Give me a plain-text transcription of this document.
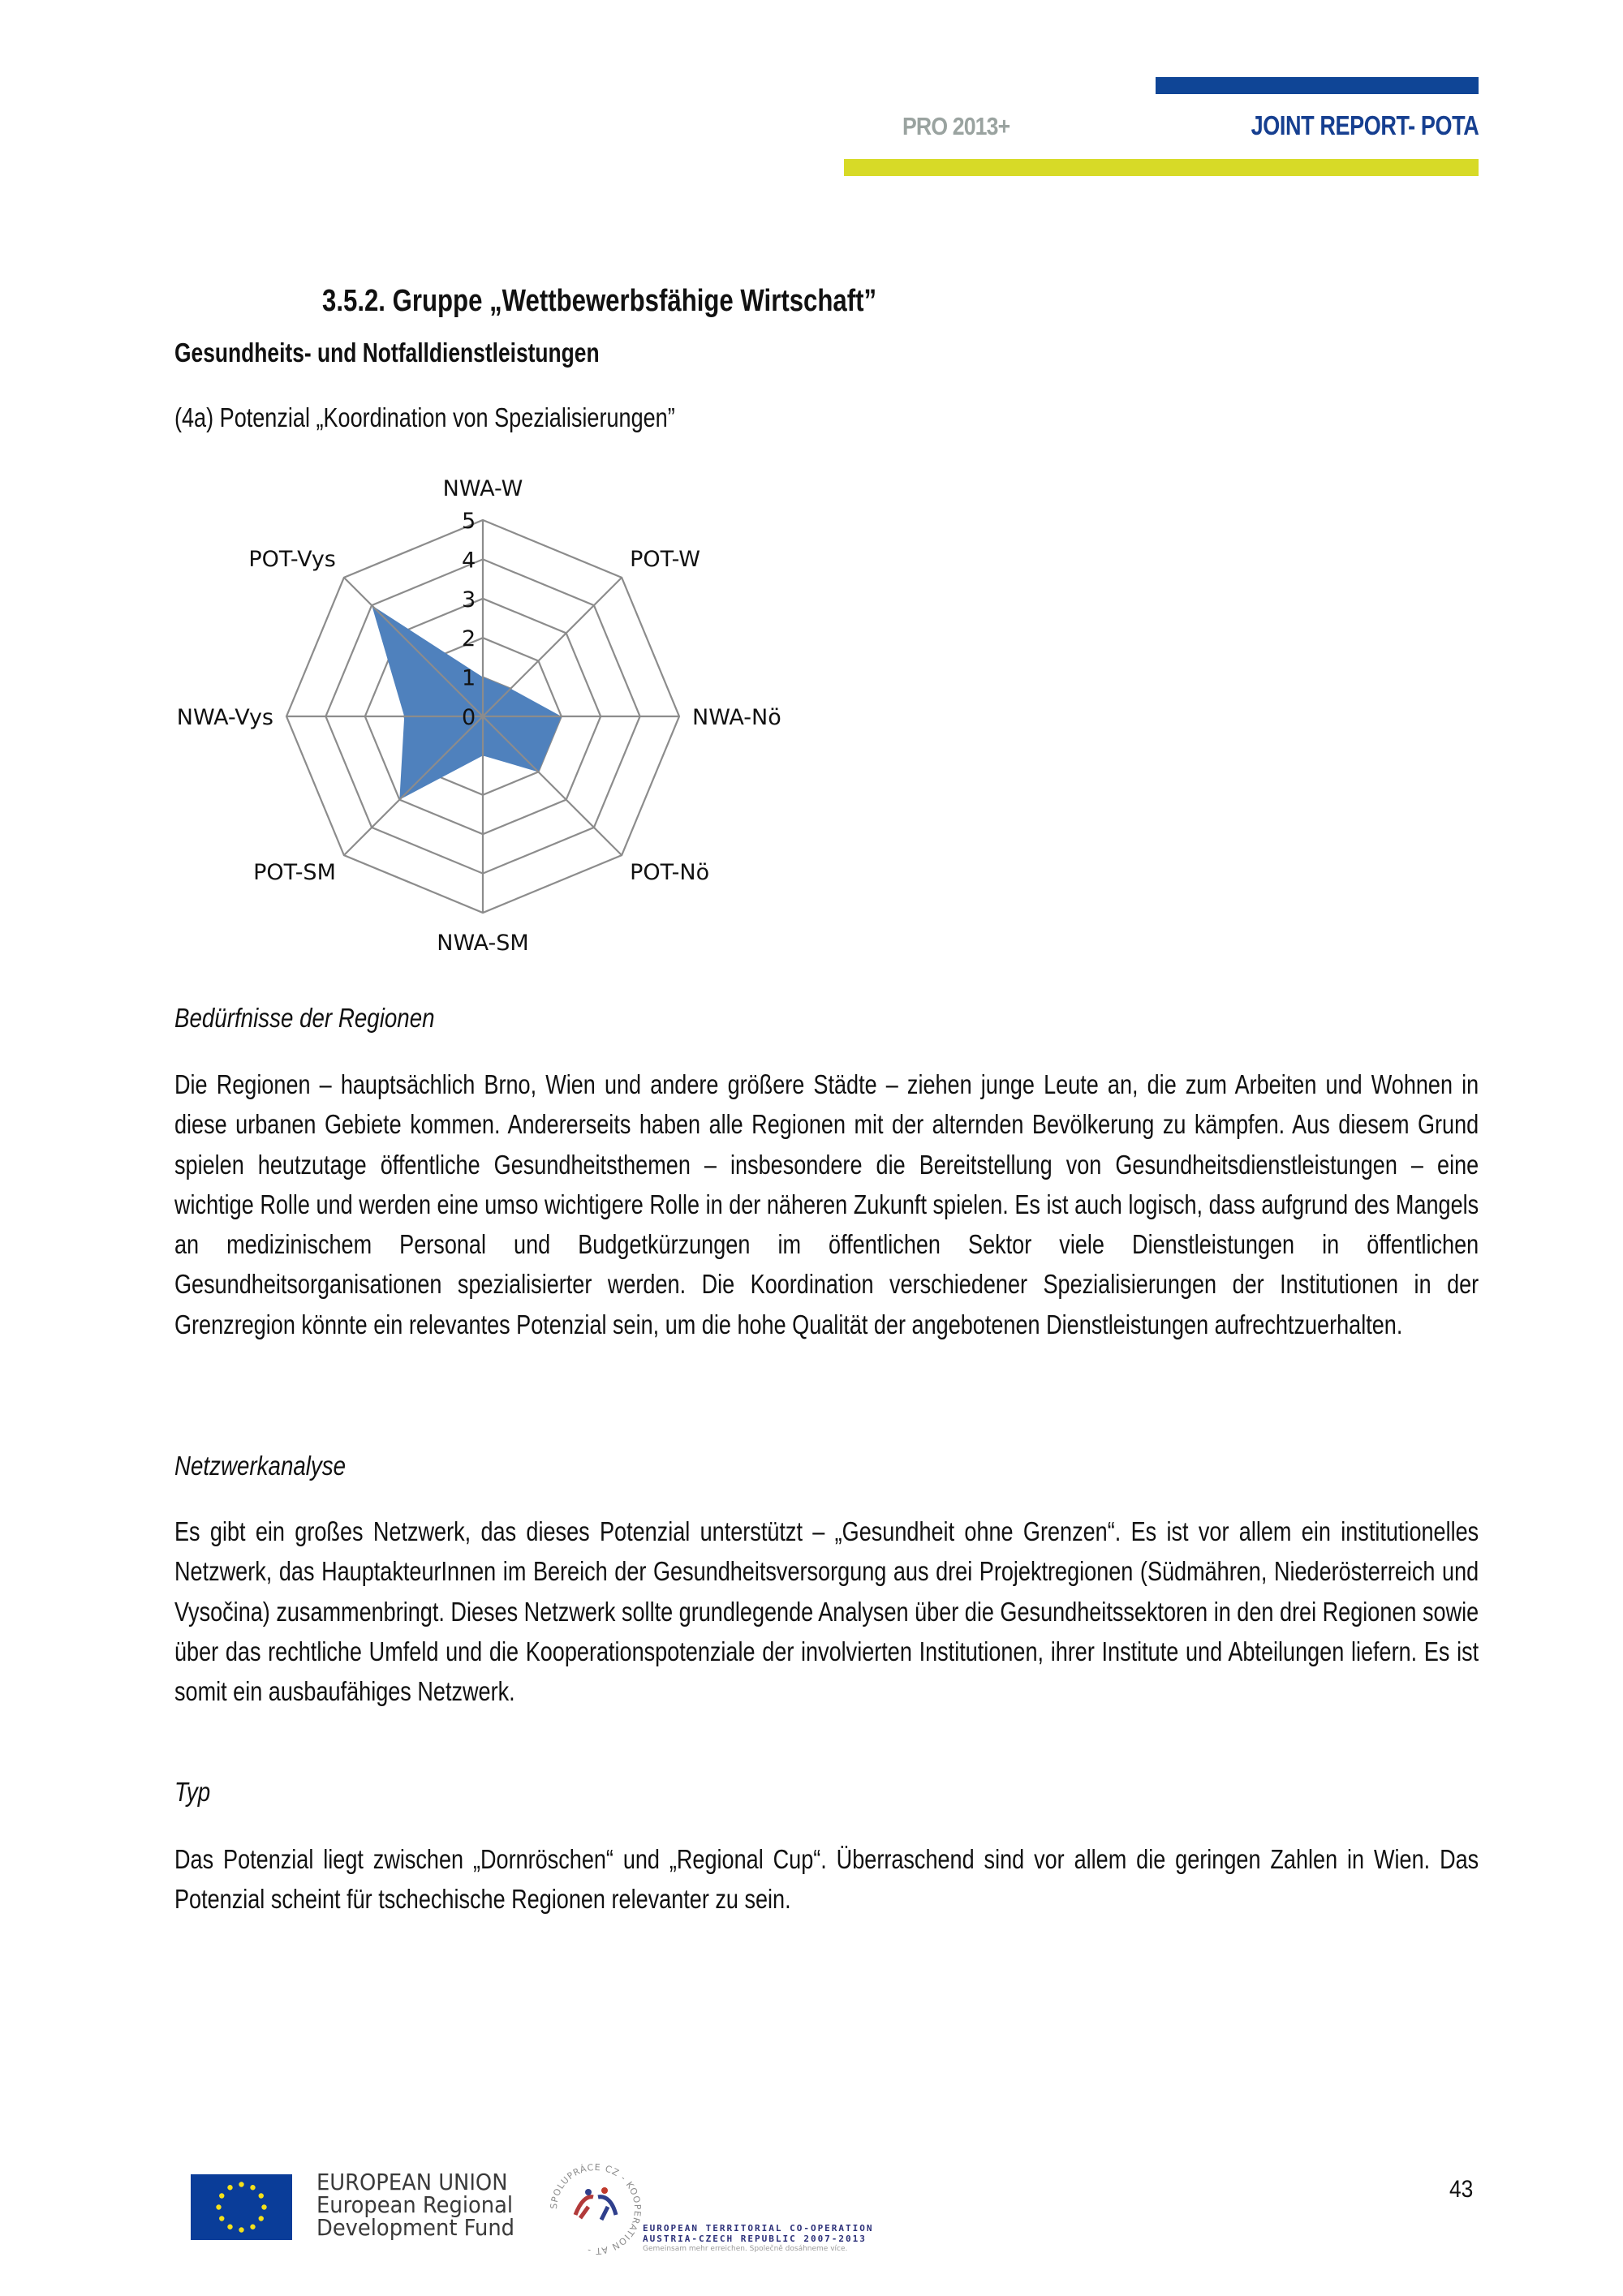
PRO 2013+	JOINT REPORT- POTA
3.5.2. Gruppe „Wettbewerbsfähige Wirtschaft”
Gesundheits- und Notfalldienstleistungen
(4a) Potenzial „Koordination von Spezialisierungen”
0
1
2
3
4
5
NWA-W
POT-W
NWA-Nö
POT-Nö
NWA-SM
POT-SM
NWA-Vys
POT-Vys
Bedürfnisse der Regionen
Die Regionen – hauptsächlich Brno, Wien und andere größere Städte – ziehen junge Leute an, die zum Arbeiten und Wohnen in diese urbanen Gebiete kommen. Andererseits haben alle Regionen mit der alternden Bevölkerung zu kämpfen. Aus diesem Grund spielen heutzutage öffentliche Gesundheitsthemen – insbesondere die Bereitstellung von Gesundheitsdienstleistungen – eine wichtige Rolle und werden eine umso wichtigere Rolle in der näheren Zukunft spielen. Es ist auch logisch, dass aufgrund des Mangels an medizinischem Personal und Budgetkürzungen im öffentlichen Sektor viele Dienstleistungen in öffentlichen Gesundheitsorganisationen spezialisierter werden. Die Koordination verschiedener Spezialisierungen der Institutionen in der Grenzregion könnte ein relevantes Potenzial sein, um die hohe Qualität der angebotenen Dienstleistungen aufrechtzuerhalten.
Netzwerkanalyse
Es gibt ein großes Netzwerk, das dieses Potenzial unterstützt – „Gesundheit ohne Grenzen“. Es ist vor allem ein institutionelles Netzwerk, das HauptakteurInnen im Bereich der Gesundheitsversorgung aus drei Projektregionen (Südmähren, Niederösterreich und Vysočina) zusammenbringt. Dieses Netzwerk sollte grundlegende Analysen über die Gesundheitssektoren in den drei Regionen sowie über das rechtliche Umfeld und die Kooperationspotenziale der involvierten Institutionen, ihrer Institute und Abteilungen liefern. Es ist somit ein ausbaufähiges Netzwerk.
Typ
Das Potenzial liegt zwischen „Dornröschen“ und „Regional Cup“. Überraschend sind vor allem die geringen Zahlen in Wien. Das Potenzial scheint für tschechische Regionen relevanter zu sein.
EUROPEAN UNION
European Regional
Development Fund
SPOLUPRÁCE CZ - KOOPERATION AT -
EUROPEAN TERRITORIAL CO-OPERATION
AUSTRIA-CZECH REPUBLIC 2007-2013
Gemeinsam mehr erreichen. Společně dosáhneme více.
43
